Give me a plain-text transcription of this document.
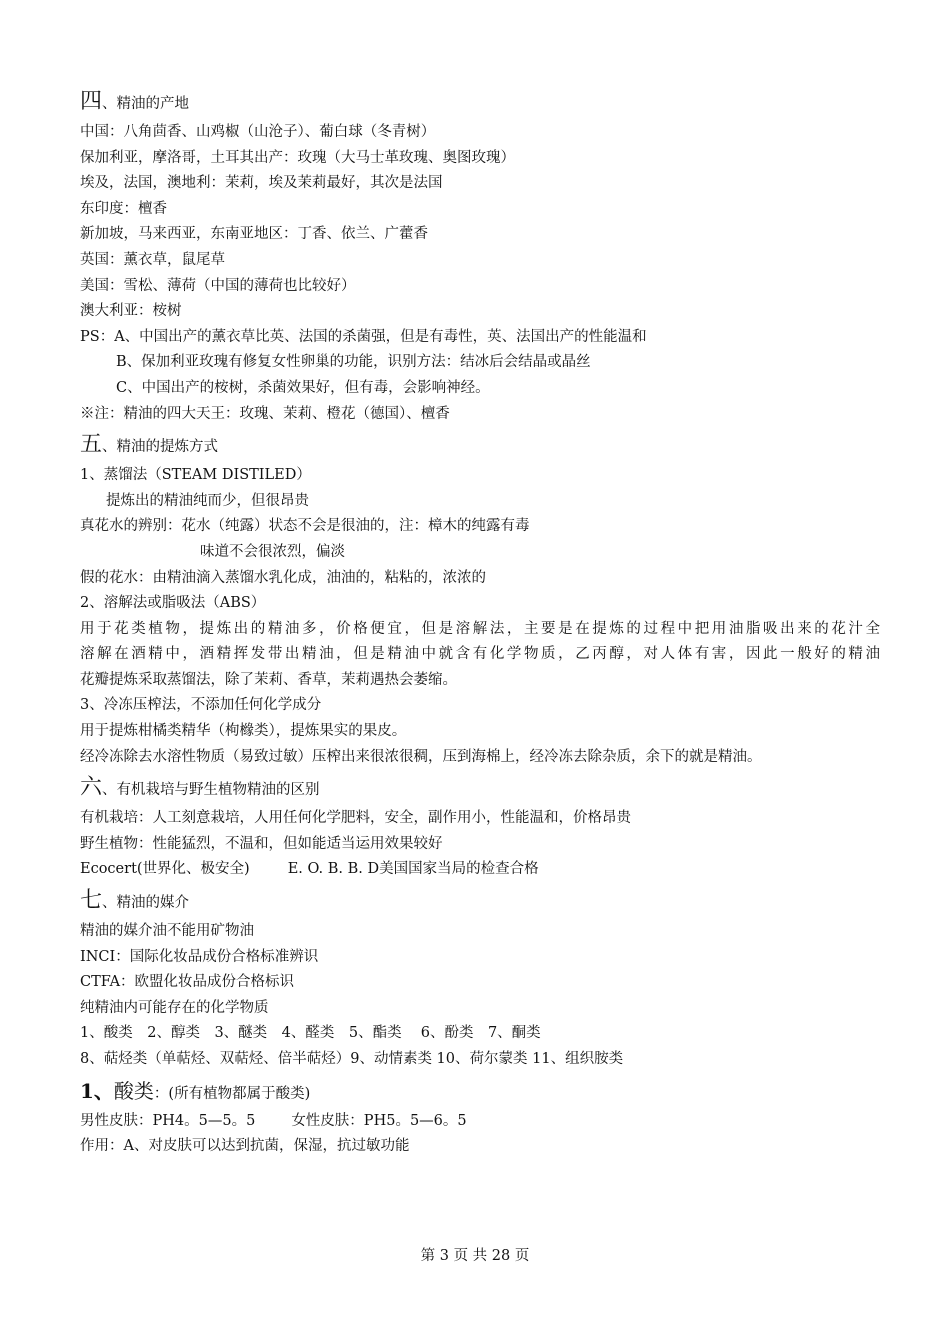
四、精油的产地
中国：八角茴香、山鸡椒（山沧子）、葡白球（冬青树）
保加利亚，摩洛哥，土耳其出产：玫瑰（大马士革玫瑰、奥图玫瑰）
埃及，法国，澳地利：茉莉，埃及茉莉最好，其次是法国
东印度：檀香
新加坡，马来西亚，东南亚地区：丁香、依兰、广藿香
英国：薰衣草，鼠尾草
美国：雪松、薄荷（中国的薄荷也比较好）
澳大利亚：桉树
PS：A、中国出产的薰衣草比英、法国的杀菌强，但是有毒性，英、法国出产的性能温和
B、保加利亚玫瑰有修复女性卵巢的功能，识别方法：结冰后会结晶或晶丝
C、中国出产的桉树，杀菌效果好，但有毒，会影响神经。
※注：精油的四大天王：玫瑰、茉莉、橙花（德国）、檀香
五、精油的提炼方式
1、蒸馏法（STEAM DISTILED）
提炼出的精油纯而少，但很昂贵
真花水的辨别：花水（纯露）状态不会是很油的，注：樟木的纯露有毒
味道不会很浓烈，偏淡
假的花水：由精油滴入蒸馏水乳化成，油油的，粘粘的，浓浓的
2、溶解法或脂吸法（ABS）
用于花类植物，提炼出的精油多，价格便宜，但是溶解法，主要是在提炼的过程中把用油脂吸出来的花汁全
溶解在酒精中，酒精挥发带出精油，但是精油中就含有化学物质，乙丙醇，对人体有害，因此一般好的精油
花瓣提炼采取蒸馏法，除了茉莉、香草，茉莉遇热会萎缩。
3、冷冻压榨法，不添加任何化学成分
用于提炼柑橘类精华（枸橼类），提炼果实的果皮。
经冷冻除去水溶性物质（易致过敏）压榨出来很浓很稠，压到海棉上，经冷冻去除杂质，余下的就是精油。
六、有机栽培与野生植物精油的区别
有机栽培：人工刻意栽培，人用任何化学肥料，安全，副作用小，性能温和，价格昂贵
野生植物：性能猛烈，不温和，但如能适当运用效果较好
Ecocert(世界化、极安全)	E. O. B. B. D美国国家当局的检查合格
七、精油的媒介
精油的媒介油不能用矿物油
INCI：国际化妆品成份合格标准辨识
CTFA：欧盟化妆品成份合格标识
纯精油内可能存在的化学物质
1、酸类　2、醇类　3、醚类　4、醛类　5、酯类　 6、酚类　7、酮类
8、萜烃类（单萜烃、双萜烃、倍半萜烃）9、动情素类 10、荷尔蒙类 11、组织胺类
1、酸类：(所有植物都属于酸类)
男性皮肤：PH4。5—5。5 女性皮肤：PH5。5—6。5
作用：A、对皮肤可以达到抗菌，保湿，抗过敏功能
第 3 页 共 28 页
